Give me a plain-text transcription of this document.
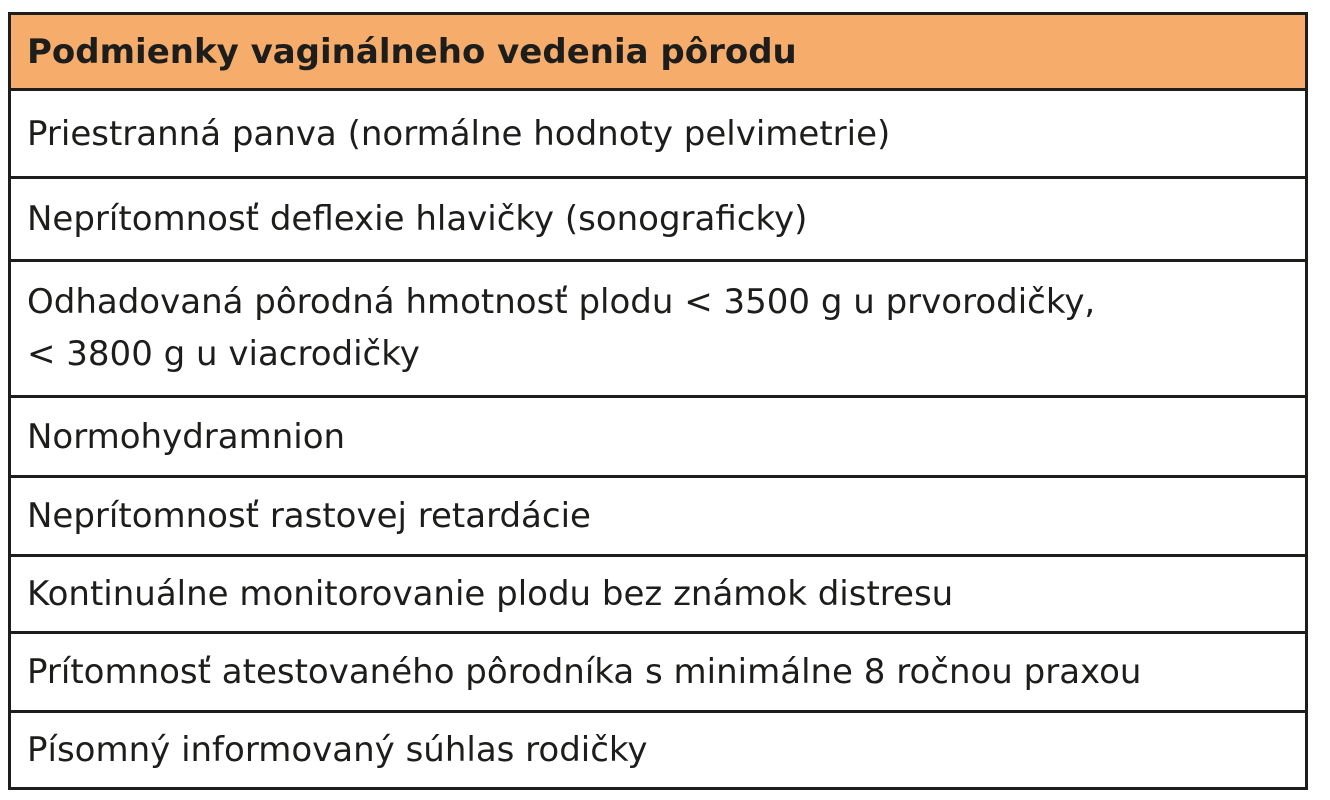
Podmienky vaginálneho vedenia pôrodu
Priestranná panva (normálne hodnoty pelvimetrie)
Neprítomnosť deflexie hlavičky (sonograficky)
Odhadovaná pôrodná hmotnosť plodu < 3500 g u prvorodičky,
< 3800 g u viacrodičky
Normohydramnion
Neprítomnosť rastovej retardácie
Kontinuálne monitorovanie plodu bez známok distresu
Prítomnosť atestovaného pôrodníka s minimálne 8 ročnou praxou
Písomný informovaný súhlas rodičky
